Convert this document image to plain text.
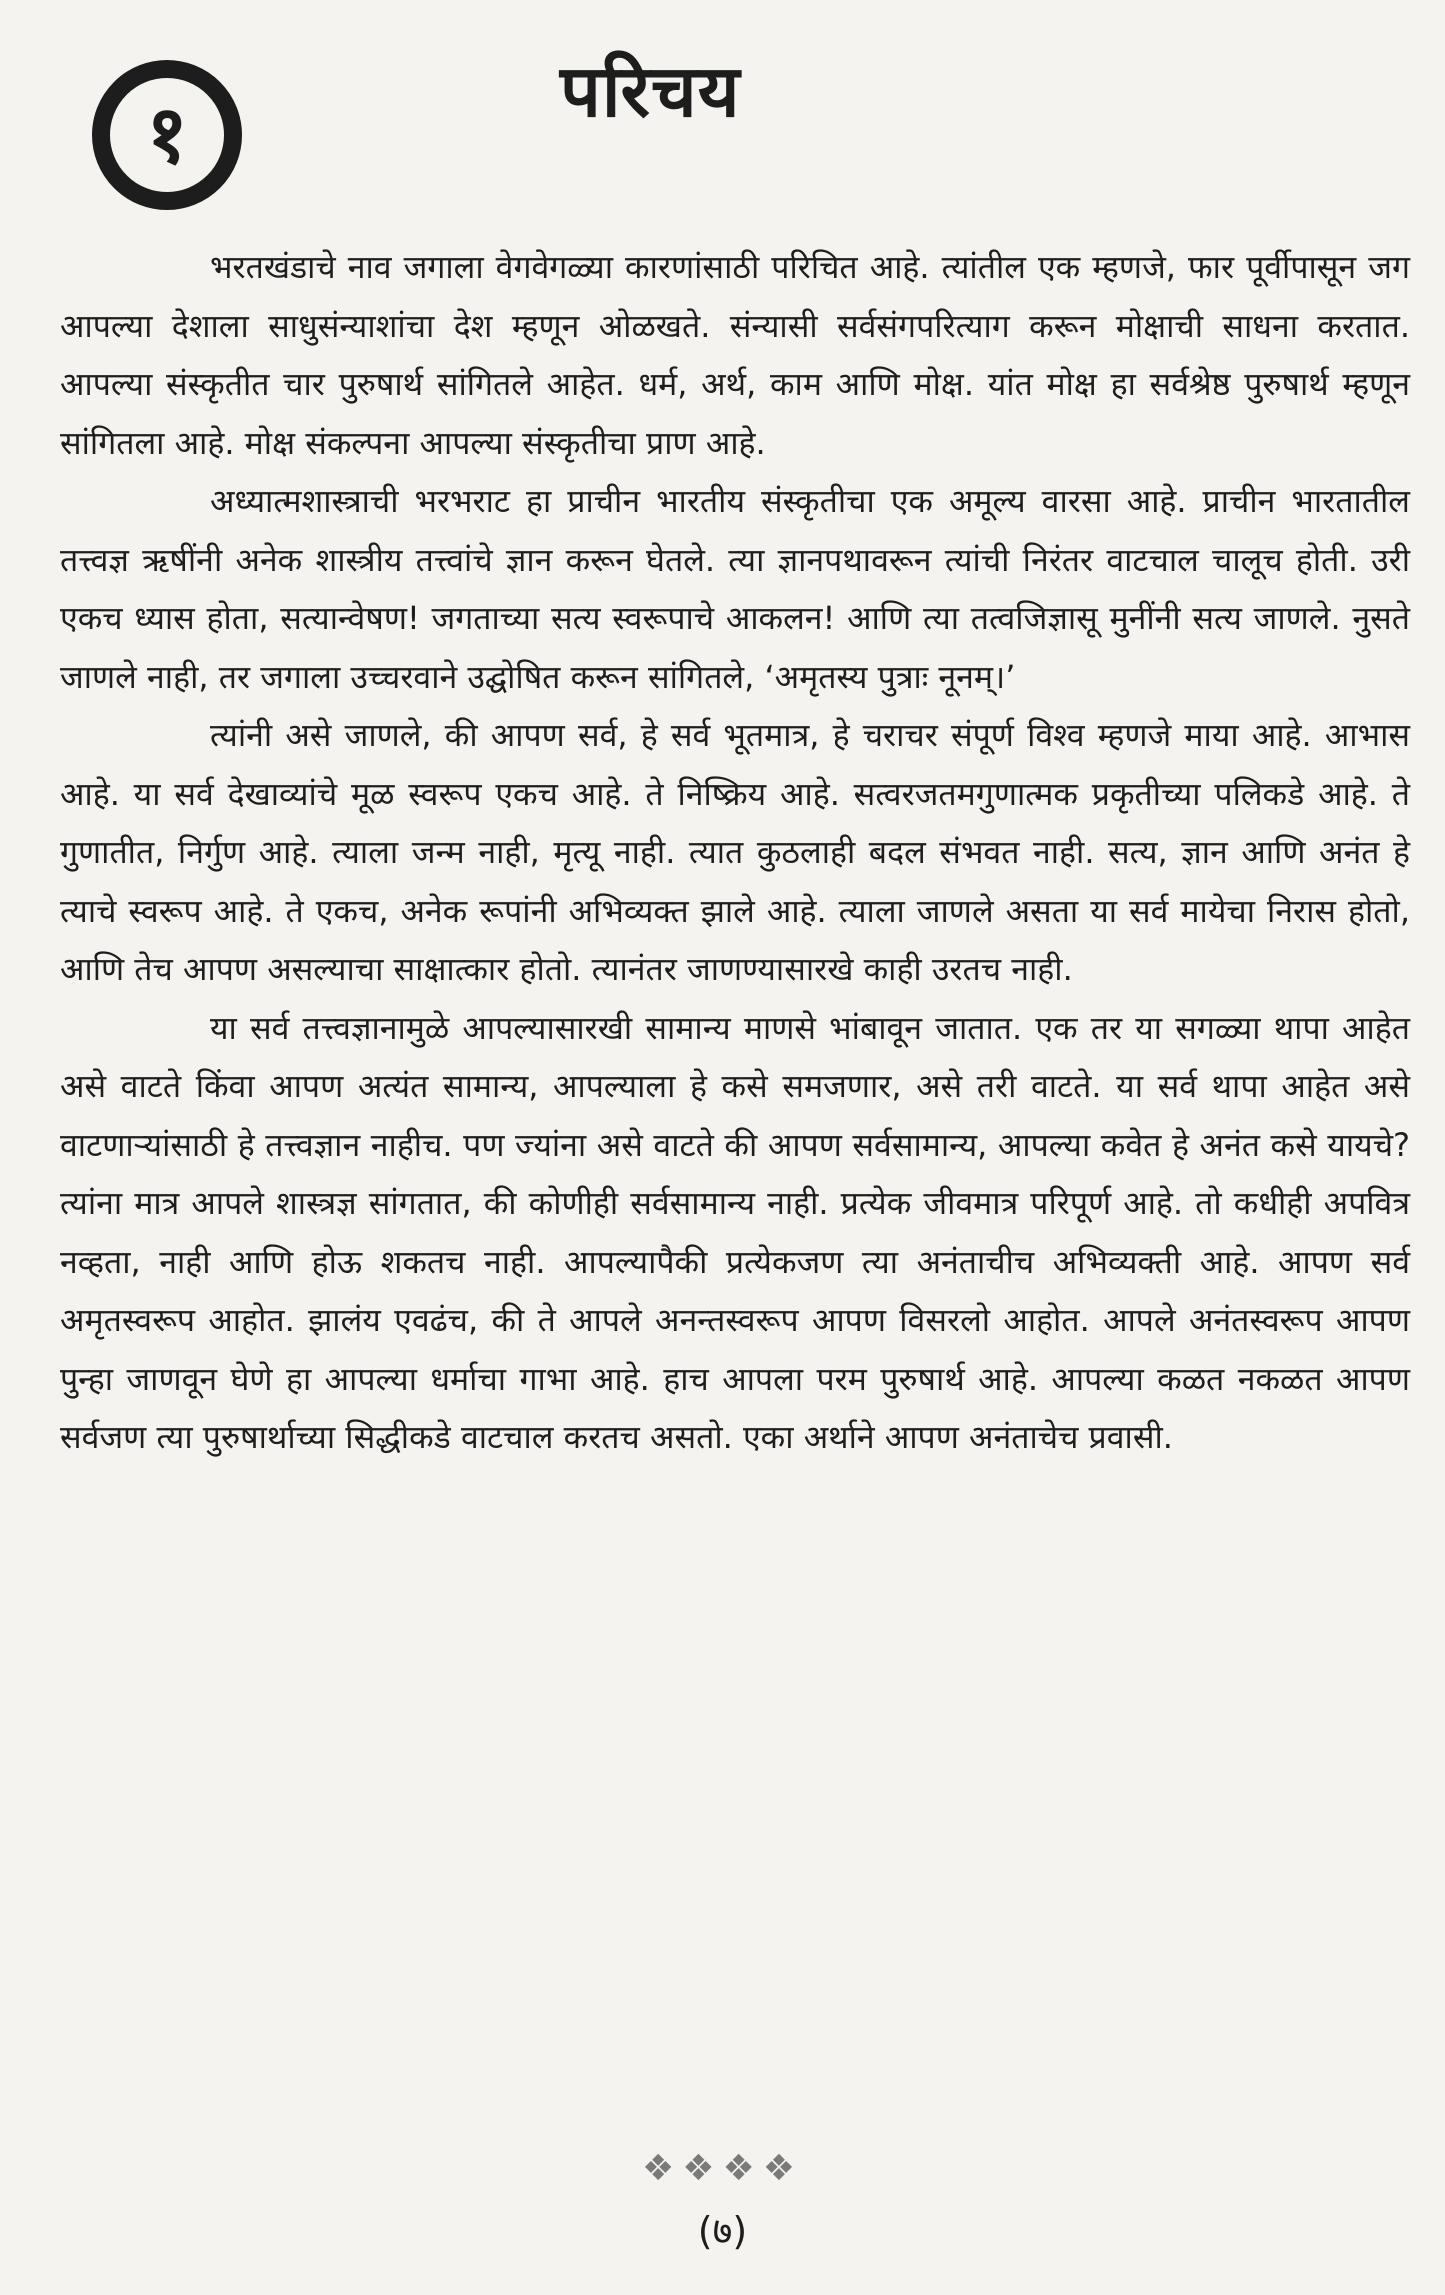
१	परिचय

भरतखंडाचे नाव जगाला वेगवेगळ्या कारणांसाठी परिचित आहे. त्यांतील एक म्हणजे, फार पूर्वीपासून जग आपल्या देशाला साधुसंन्याशांचा देश म्हणून ओळखते. संन्यासी सर्वसंगपरित्याग करून मोक्षाची साधना करतात. आपल्या संस्कृतीत चार पुरुषार्थ सांगितले आहेत. धर्म, अर्थ, काम आणि मोक्ष. यांत मोक्ष हा सर्वश्रेष्ठ पुरुषार्थ म्हणून सांगितला आहे. मोक्ष संकल्पना आपल्या संस्कृतीचा प्राण आहे.

अध्यात्मशास्त्राची भरभराट हा प्राचीन भारतीय संस्कृतीचा एक अमूल्य वारसा आहे. प्राचीन भारतातील तत्त्वज्ञ ऋषींनी अनेक शास्त्रीय तत्त्वांचे ज्ञान करून घेतले. त्या ज्ञानपथावरून त्यांची निरंतर वाटचाल चालूच होती. उरी एकच ध्यास होता, सत्यान्वेषण! जगताच्या सत्य स्वरूपाचे आकलन! आणि त्या तत्वजिज्ञासू मुनींनी सत्य जाणले. नुसते जाणले नाही, तर जगाला उच्चरवाने उद्घोषित करून सांगितले, ‘अमृतस्य पुत्राः नूनम्।’

त्यांनी असे जाणले, की आपण सर्व, हे सर्व भूतमात्र, हे चराचर संपूर्ण विश्व म्हणजे माया आहे. आभास आहे. या सर्व देखाव्यांचे मूळ स्वरूप एकच आहे. ते निष्क्रिय आहे. सत्वरजतमगुणात्मक प्रकृतीच्या पलिकडे आहे. ते गुणातीत, निर्गुण आहे. त्याला जन्म नाही, मृत्यू नाही. त्यात कुठलाही बदल संभवत नाही. सत्य, ज्ञान आणि अनंत हे त्याचे स्वरूप आहे. ते एकच, अनेक रूपांनी अभिव्यक्त झाले आहे. त्याला जाणले असता या सर्व मायेचा निरास होतो, आणि तेच आपण असल्याचा साक्षात्कार होतो. त्यानंतर जाणण्यासारखे काही उरतच नाही.

या सर्व तत्त्वज्ञानामुळे आपल्यासारखी सामान्य माणसे भांबावून जातात. एक तर या सगळ्या थापा आहेत असे वाटते किंवा आपण अत्यंत सामान्य, आपल्याला हे कसे समजणार, असे तरी वाटते. या सर्व थापा आहेत असे वाटणाऱ्यांसाठी हे तत्त्वज्ञान नाहीच. पण ज्यांना असे वाटते की आपण सर्वसामान्य, आपल्या कवेत हे अनंत कसे यायचे? त्यांना मात्र आपले शास्त्रज्ञ सांगतात, की कोणीही सर्वसामान्य नाही. प्रत्येक जीवमात्र परिपूर्ण आहे. तो कधीही अपवित्र नव्हता, नाही आणि होऊ शकतच नाही. आपल्यापैकी प्रत्येकजण त्या अनंताचीच अभिव्यक्ती आहे. आपण सर्व अमृतस्वरूप आहोत. झालंय एवढंच, की ते आपले अनन्तस्वरूप आपण विसरलो आहोत. आपले अनंतस्वरूप आपण पुन्हा जाणवून घेणे हा आपल्या धर्माचा गाभा आहे. हाच आपला परम पुरुषार्थ आहे. आपल्या कळत नकळत आपण सर्वजण त्या पुरुषार्थाच्या सिद्धीकडे वाटचाल करतच असतो. एका अर्थाने आपण अनंताचेच प्रवासी.

❖❖❖❖
(७)
